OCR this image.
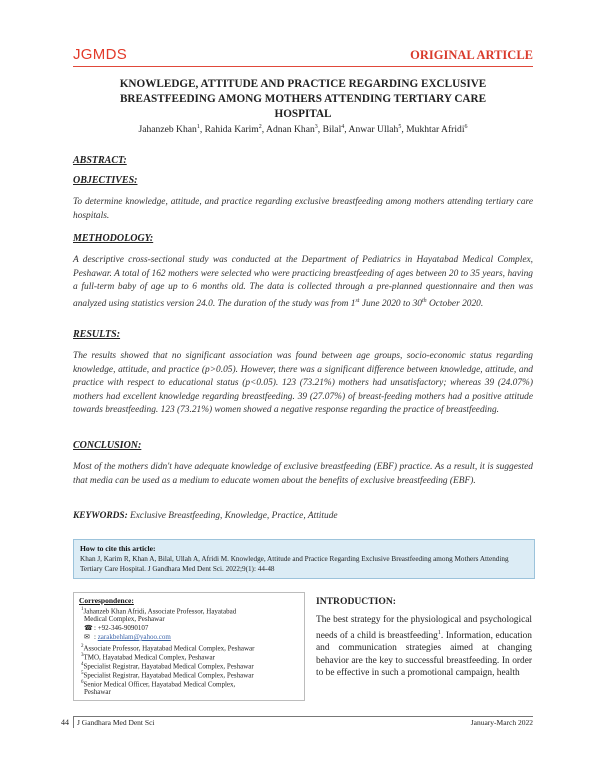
JGMDS	ORIGINAL ARTICLE
KNOWLEDGE, ATTITUDE AND PRACTICE REGARDING EXCLUSIVE
BREASTFEEDING AMONG MOTHERS ATTENDING TERTIARY CARE
HOSPITAL
Jahanzeb Khan$^1$, Rahida Karim$^2$, Adnan Khan$^3$, Bilal$^4$, Anwar Ullah$^5$, Mukhtar Afridi$^6$
ABSTRACT:
OBJECTIVES:
To determine knowledge, attitude, and practice regarding exclusive breastfeeding among mothers attending tertiary care hospitals.
METHODOLOGY:
A descriptive cross-sectional study was conducted at the Department of Pediatrics in Hayatabad Medical Complex, Peshawar. A total of 162 mothers were selected who were practicing breastfeeding of ages between 20 to 35 years, having a full-term baby of age up to 6 months old. The data is collected through a pre-planned questionnaire and then was analyzed using statistics version 24.0. The duration of the study was from 1st June 2020 to 30th October 2020.
RESULTS:
The results showed that no significant association was found between age groups, socio-economic status regarding knowledge, attitude, and practice (p>0.05). However, there was a significant difference between knowledge, attitude, and practice with respect to educational status (p<0.05). 123 (73.21%) mothers had unsatisfactory; whereas 39 (24.07%) mothers had excellent knowledge regarding breastfeeding. 39 (27.07%) of breast-feeding mothers had a positive attitude towards breastfeeding. 123 (73.21%) women showed a negative response regarding the practice of breastfeeding.
CONCLUSION:
Most of the mothers didn't have adequate knowledge of exclusive breastfeeding (EBF) practice. As a result, it is suggested that media can be used as a medium to educate women about the benefits of exclusive breastfeeding (EBF).
KEYWORDS: Exclusive Breastfeeding, Knowledge, Practice, Attitude
How to cite this article:
Khan J, Karim R, Khan A, Bilal, Ullah A, Afridi M. Knowledge, Attitude and Practice Regarding Exclusive Breastfeeding among Mothers Attending Tertiary Care Hospital. J Gandhara Med Dent Sci. 2022;9(1): 44-48
Correspondence:
$^1$Jahanzeb Khan Afridi, Associate Professor, Hayatabad
Medical Complex, Peshawar
☎: +92-346-9090107
✉ : zarakbehlam@yahoo.com
$^2$Associate Professor, Hayatabad Medical Complex, Peshawar
$^3$TMO, Hayatabad Medical Complex, Peshawar
$^4$Specialist Registrar, Hayatabad Medical Complex, Peshawar
$^5$Specialist Registrar, Hayatabad Medical Complex, Peshawar
$^6$Senior Medical Officer, Hayatabad Medical Complex,
Peshawar
INTRODUCTION:
The best strategy for the physiological and psychological needs of a child is breastfeeding$^1$. Information, education and communication strategies aimed at changing behavior are the key to successful breastfeeding. In order to be effective in such a promotional campaign, health
44 J Gandhara Med Dent Sci	January-March 2022
